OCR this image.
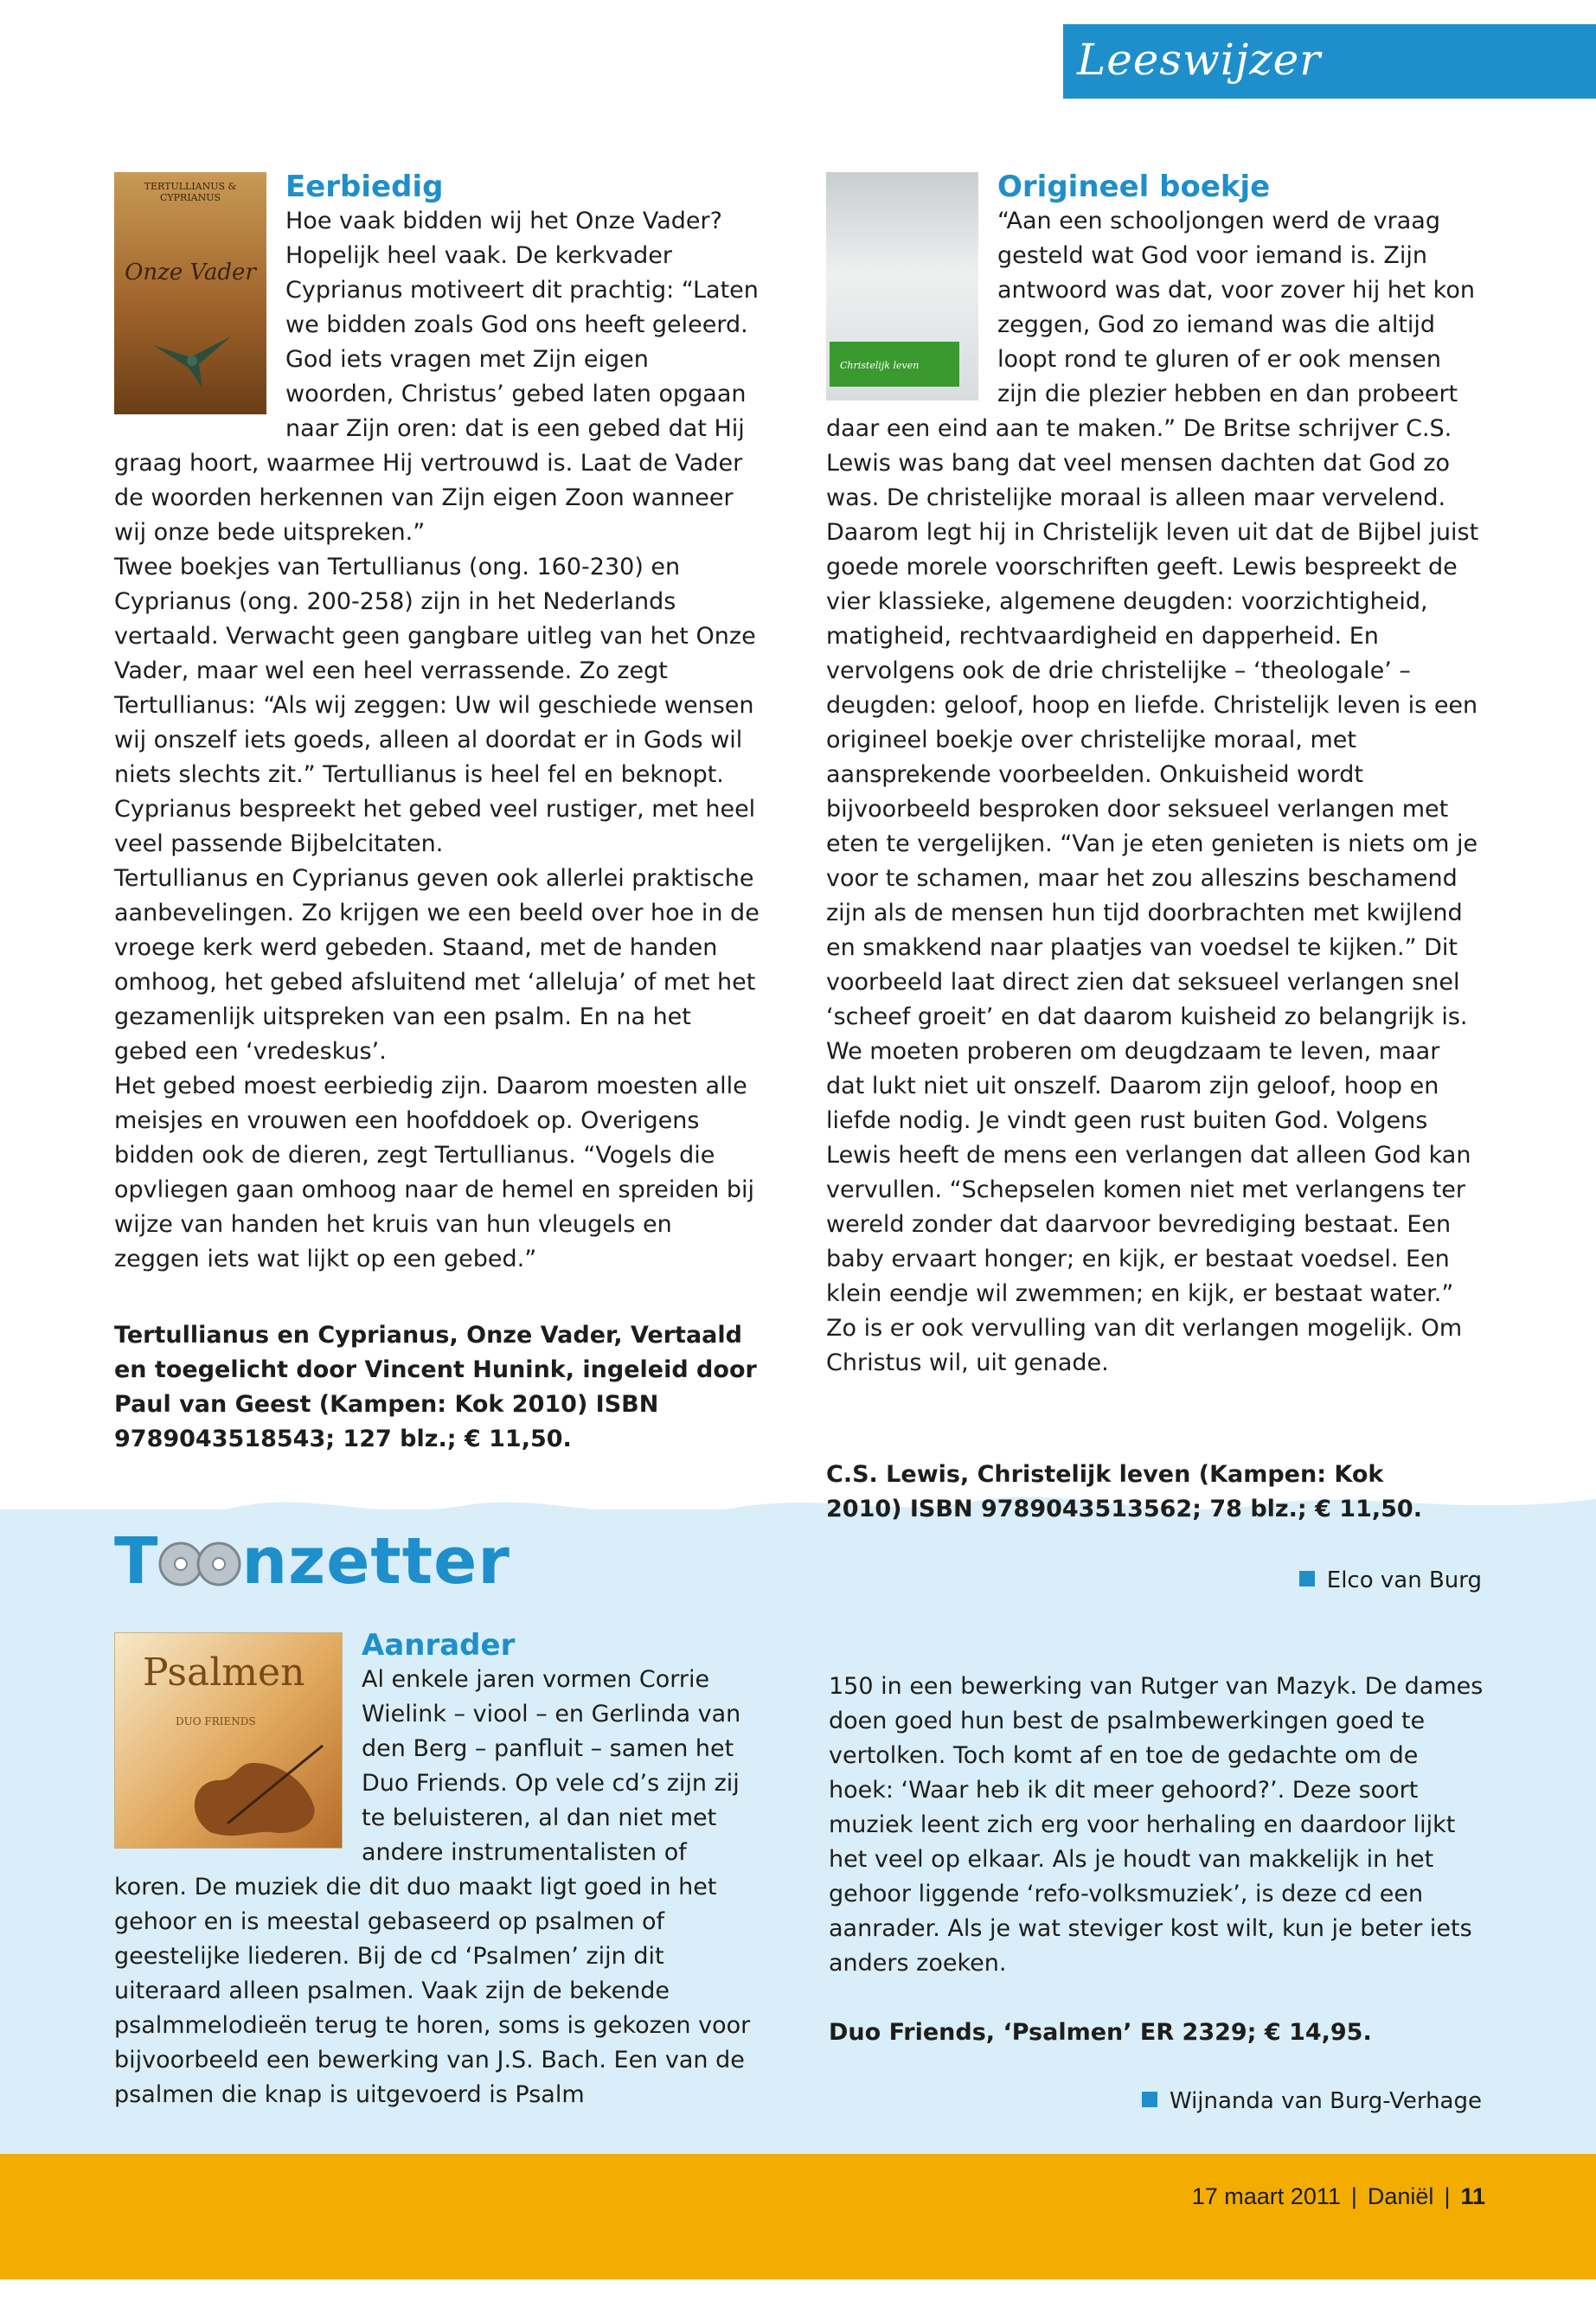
Leeswijzer
TERTULLIANUS & CYPRIANUS
Onze Vader
Eerbiedig

Hoe vaak bidden wij het Onze Vader? Hopelijk heel vaak. De kerkvader Cyprianus motiveert dit prachtig: “Laten we bidden zoals God ons heeft geleerd. God iets vragen met Zijn eigen woorden, Christus’ gebed laten opgaan naar Zijn oren: dat is een gebed dat Hij graag hoort, waarmee Hij vertrouwd is. Laat de Vader de woorden herkennen van Zijn eigen Zoon wanneer wij onze bede uitspreken.”

Twee boekjes van Tertullianus (ong. 160-230) en Cyprianus (ong. 200-258) zijn in het Nederlands vertaald. Verwacht geen gangbare uitleg van het Onze Vader, maar wel een heel verrassende. Zo zegt Tertullianus: “Als wij zeggen: Uw wil geschiede wensen wij onszelf iets goeds, alleen al doordat er in Gods wil niets slechts zit.” Tertullianus is heel fel en beknopt. Cyprianus bespreekt het gebed veel rustiger, met heel veel passende Bijbelcitaten.

Tertullianus en Cyprianus geven ook allerlei praktische aanbevelingen. Zo krijgen we een beeld over hoe in de vroege kerk werd gebeden. Staand, met de handen omhoog, het gebed afsluitend met ‘alleluja’ of met het gezamenlijk uitspreken van een psalm. En na het gebed een ‘vredeskus’.

Het gebed moest eerbiedig zijn. Daarom moesten alle meisjes en vrouwen een hoofddoek op. Overigens bidden ook de dieren, zegt Tertullianus. “Vogels die opvliegen gaan omhoog naar de hemel en spreiden bij wijze van handen het kruis van hun vleugels en zeggen iets wat lijkt op een gebed.”

Tertullianus en Cyprianus, Onze Vader, Vertaald en toegelicht door Vincent Hunink, ingeleid door Paul van Geest (Kampen: Kok 2010) ISBN 9789043518543; 127 blz.; € 11,50.
Christelijk leven
Origineel boekje

“Aan een schooljongen werd de vraag gesteld wat God voor iemand is. Zijn antwoord was dat, voor zover hij het kon zeggen, God zo iemand was die altijd loopt rond te gluren of er ook mensen zijn die plezier hebben en dan probeert daar een eind aan te maken.” De Britse schrijver C.S. Lewis was bang dat veel mensen dachten dat God zo was. De christelijke moraal is alleen maar vervelend. Daarom legt hij in Christelijk leven uit dat de Bijbel juist goede morele voorschriften geeft. Lewis bespreekt de vier klassieke, algemene deugden: voorzichtigheid, matigheid, rechtvaardigheid en dapperheid. En vervolgens ook de drie christelijke – ‘theologale’ – deugden: geloof, hoop en liefde. Christelijk leven is een origineel boekje over christelijke moraal, met aansprekende voorbeelden. Onkuisheid wordt bijvoorbeeld besproken door seksueel verlangen met eten te vergelijken. “Van je eten genieten is niets om je voor te schamen, maar het zou alleszins beschamend zijn als de mensen hun tijd doorbrachten met kwijlend en smakkend naar plaatjes van voedsel te kijken.” Dit voorbeeld laat direct zien dat seksueel verlangen snel ‘scheef groeit’ en dat daarom kuisheid zo belangrijk is.

We moeten proberen om deugdzaam te leven, maar dat lukt niet uit onszelf. Daarom zijn geloof, hoop en liefde nodig. Je vindt geen rust buiten God. Volgens Lewis heeft de mens een verlangen dat alleen God kan vervullen. “Schepselen komen niet met verlangens ter wereld zonder dat daarvoor bevrediging bestaat. Een baby ervaart honger; en kijk, er bestaat voedsel. Een klein eendje wil zwemmen; en kijk, er bestaat water.” Zo is er ook vervulling van dit verlangen mogelijk. Om Christus wil, uit genade.

C.S. Lewis, Christelijk leven (Kampen: Kok 2010) ISBN 9789043513562; 78 blz.; € 11,50.
Elco van Burg
T nzetter
Psalmen
DUO FRIENDS
Aanrader

Al enkele jaren vormen Corrie Wielink – viool – en Gerlinda van den Berg – panfluit – samen het Duo Friends. Op vele cd’s zijn zij te beluisteren, al dan niet met andere instrumentalisten of koren. De muziek die dit duo maakt ligt goed in het gehoor en is meestal gebaseerd op psalmen of geestelijke liederen. Bij de cd ‘Psalmen’ zijn dit uiteraard alleen psalmen. Vaak zijn de bekende psalmmelodieën terug te horen, soms is gekozen voor bijvoorbeeld een bewerking van J.S. Bach. Een van de psalmen die knap is uitgevoerd is Psalm

150 in een bewerking van Rutger van Mazyk. De dames doen goed hun best de psalmbewerkingen goed te vertolken. Toch komt af en toe de gedachte om de hoek: ‘Waar heb ik dit meer gehoord?’. Deze soort muziek leent zich erg voor herhaling en daardoor lijkt het veel op elkaar. Als je houdt van makkelijk in het gehoor liggende ‘refo-volksmuziek’, is deze cd een aanrader. Als je wat steviger kost wilt, kun je beter iets anders zoeken.

Duo Friends, ‘Psalmen’ ER 2329; € 14,95.
Wijnanda van Burg-Verhage
17 maart 2011 | Daniël | 11
